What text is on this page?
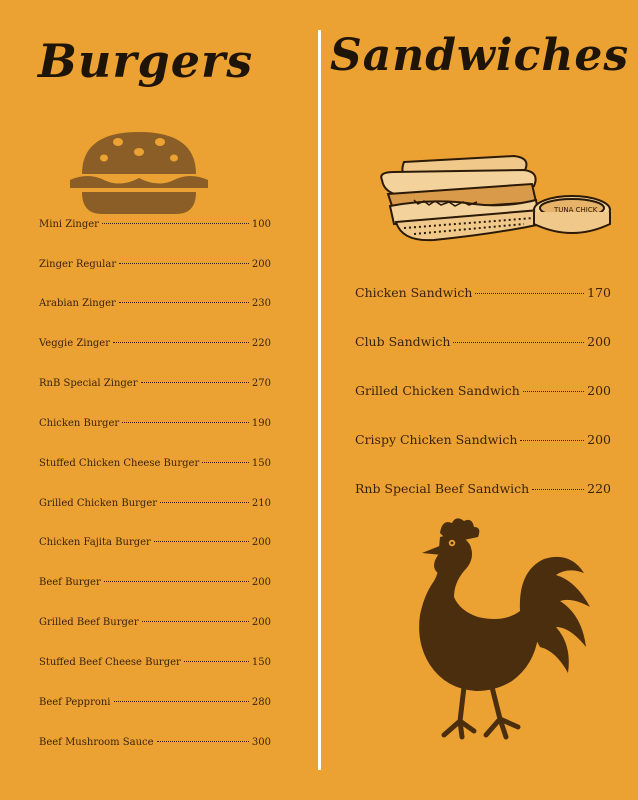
Burgers
Mini Zinger	100
Zinger Regular	200
Arabian Zinger	230
Veggie Zinger	220
RnB Special Zinger	270
Chicken Burger	190
Stuffed Chicken Cheese Burger	150
Grilled Chicken Burger	210
Chicken Fajita Burger	200
Beef Burger	200
Grilled Beef Burger	200
Stuffed Beef Cheese Burger	150
Beef Pepproni	280
Beef Mushroom Sauce	300
Sandwiches
TUNA CHICK
Chicken Sandwich	170
Club Sandwich	200
Grilled Chicken Sandwich	200
Crispy Chicken Sandwich	200
Rnb Special Beef Sandwich	220
